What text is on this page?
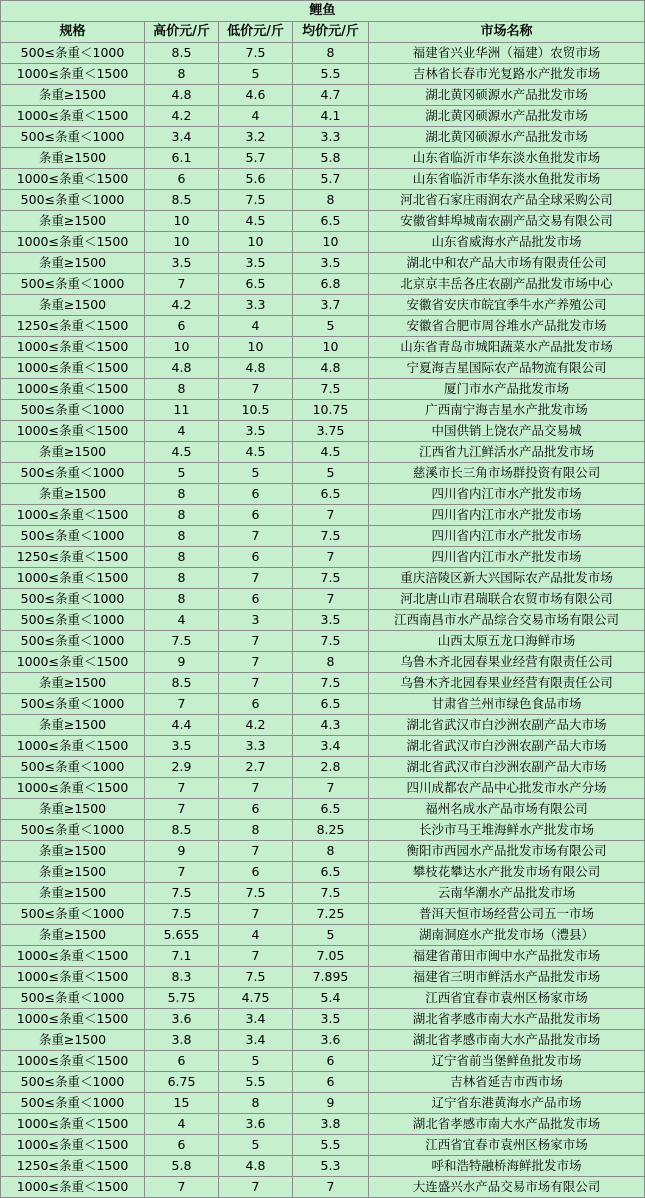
鲤鱼				
规格	高价元/斤	低价元/斤	均价元/斤	市场名称
500≤条重＜1000	8.5	7.5	8	福建省兴业华洲（福建）农贸市场
1000≤条重＜1500	8	5	5.5	吉林省长春市光复路水产批发市场
条重≥1500	4.8	4.6	4.7	湖北黄冈硕源水产品批发市场
1000≤条重＜1500	4.2	4	4.1	湖北黄冈硕源水产品批发市场
500≤条重＜1000	3.4	3.2	3.3	湖北黄冈硕源水产品批发市场
条重≥1500	6.1	5.7	5.8	山东省临沂市华东淡水鱼批发市场
1000≤条重＜1500	6	5.6	5.7	山东省临沂市华东淡水鱼批发市场
500≤条重＜1000	8.5	7.5	8	河北省石家庄雨润农产品全球采购公司
条重≥1500	10	4.5	6.5	安徽省蚌埠城南农副产品交易有限公司
1000≤条重＜1500	10	10	10	山东省威海水产品批发市场
条重≥1500	3.5	3.5	3.5	湖北中和农产品大市场有限责任公司
500≤条重＜1000	7	6.5	6.8	北京京丰岳各庄农副产品批发市场中心
条重≥1500	4.2	3.3	3.7	安徽省安庆市皖宜季牛水产养殖公司
1250≤条重＜1500	6	4	5	安徽省合肥市周谷堆水产品批发市场
1000≤条重＜1500	10	10	10	山东省青岛市城阳蔬菜水产品批发市场
1000≤条重＜1500	4.8	4.8	4.8	宁夏海吉星国际农产品物流有限公司
1000≤条重＜1500	8	7	7.5	厦门市水产品批发市场
500≤条重＜1000	11	10.5	10.75	广西南宁海吉星水产批发市场
1000≤条重＜1500	4	3.5	3.75	中国供销上饶农产品交易城
条重≥1500	4.5	4.5	4.5	江西省九江鲜活水产品批发市场
500≤条重＜1000	5	5	5	慈溪市长三角市场群投资有限公司
条重≥1500	8	6	6.5	四川省内江市水产批发市场
1000≤条重＜1500	8	6	7	四川省内江市水产批发市场
500≤条重＜1000	8	7	7.5	四川省内江市水产批发市场
1250≤条重＜1500	8	6	7	四川省内江市水产批发市场
1000≤条重＜1500	8	7	7.5	重庆涪陵区新大兴国际农产品批发市场
500≤条重＜1000	8	6	7	河北唐山市君瑞联合农贸市场有限公司
500≤条重＜1000	4	3	3.5	江西南昌市水产品综合交易市场有限公司
500≤条重＜1000	7.5	7	7.5	山西太原五龙口海鲜市场
1000≤条重＜1500	9	7	8	乌鲁木齐北园春果业经营有限责任公司
条重≥1500	8.5	7	7.5	乌鲁木齐北园春果业经营有限责任公司
500≤条重＜1000	7	6	6.5	甘肃省兰州市绿色食品市场
条重≥1500	4.4	4.2	4.3	湖北省武汉市白沙洲农副产品大市场
1000≤条重＜1500	3.5	3.3	3.4	湖北省武汉市白沙洲农副产品大市场
500≤条重＜1000	2.9	2.7	2.8	湖北省武汉市白沙洲农副产品大市场
1000≤条重＜1500	7	7	7	四川成都农产品中心批发市水产分场
条重≥1500	7	6	6.5	福州名成水产品市场有限公司
500≤条重＜1000	8.5	8	8.25	长沙市马王堆海鲜水产批发市场
条重≥1500	9	7	8	衡阳市西园水产品批发市场有限公司
条重≥1500	7	6	6.5	攀枝花攀达水产批发市场有限公司
条重≥1500	7.5	7.5	7.5	云南华潮水产品批发市场
500≤条重＜1000	7.5	7	7.25	普洱天恒市场经营公司五一市场
条重≥1500	5.655	4	5	湖南洞庭水产批发市场（澧县）
1000≤条重＜1500	7.1	7	7.05	福建省莆田市闽中水产品批发市场
1000≤条重＜1500	8.3	7.5	7.895	福建省三明市鲜活水产品批发市场
500≤条重＜1000	5.75	4.75	5.4	江西省宜春市袁州区杨家市场
1000≤条重＜1500	3.6	3.4	3.5	湖北省孝感市南大水产品批发市场
条重≥1500	3.8	3.4	3.6	湖北省孝感市南大水产品批发市场
1000≤条重＜1500	6	5	6	辽宁省前当堡鲜鱼批发市场
500≤条重＜1000	6.75	5.5	6	吉林省延吉市西市场
500≤条重＜1000	15	8	9	辽宁省东港黄海水产品市场
1000≤条重＜1500	4	3.6	3.8	湖北省孝感市南大水产品批发市场
1000≤条重＜1500	6	5	5.5	江西省宜春市袁州区杨家市场
1250≤条重＜1500	5.8	4.8	5.3	呼和浩特融桥海鲜批发市场
1000≤条重＜1500	7	7	7	大连盛兴水产品交易市场有限公司
